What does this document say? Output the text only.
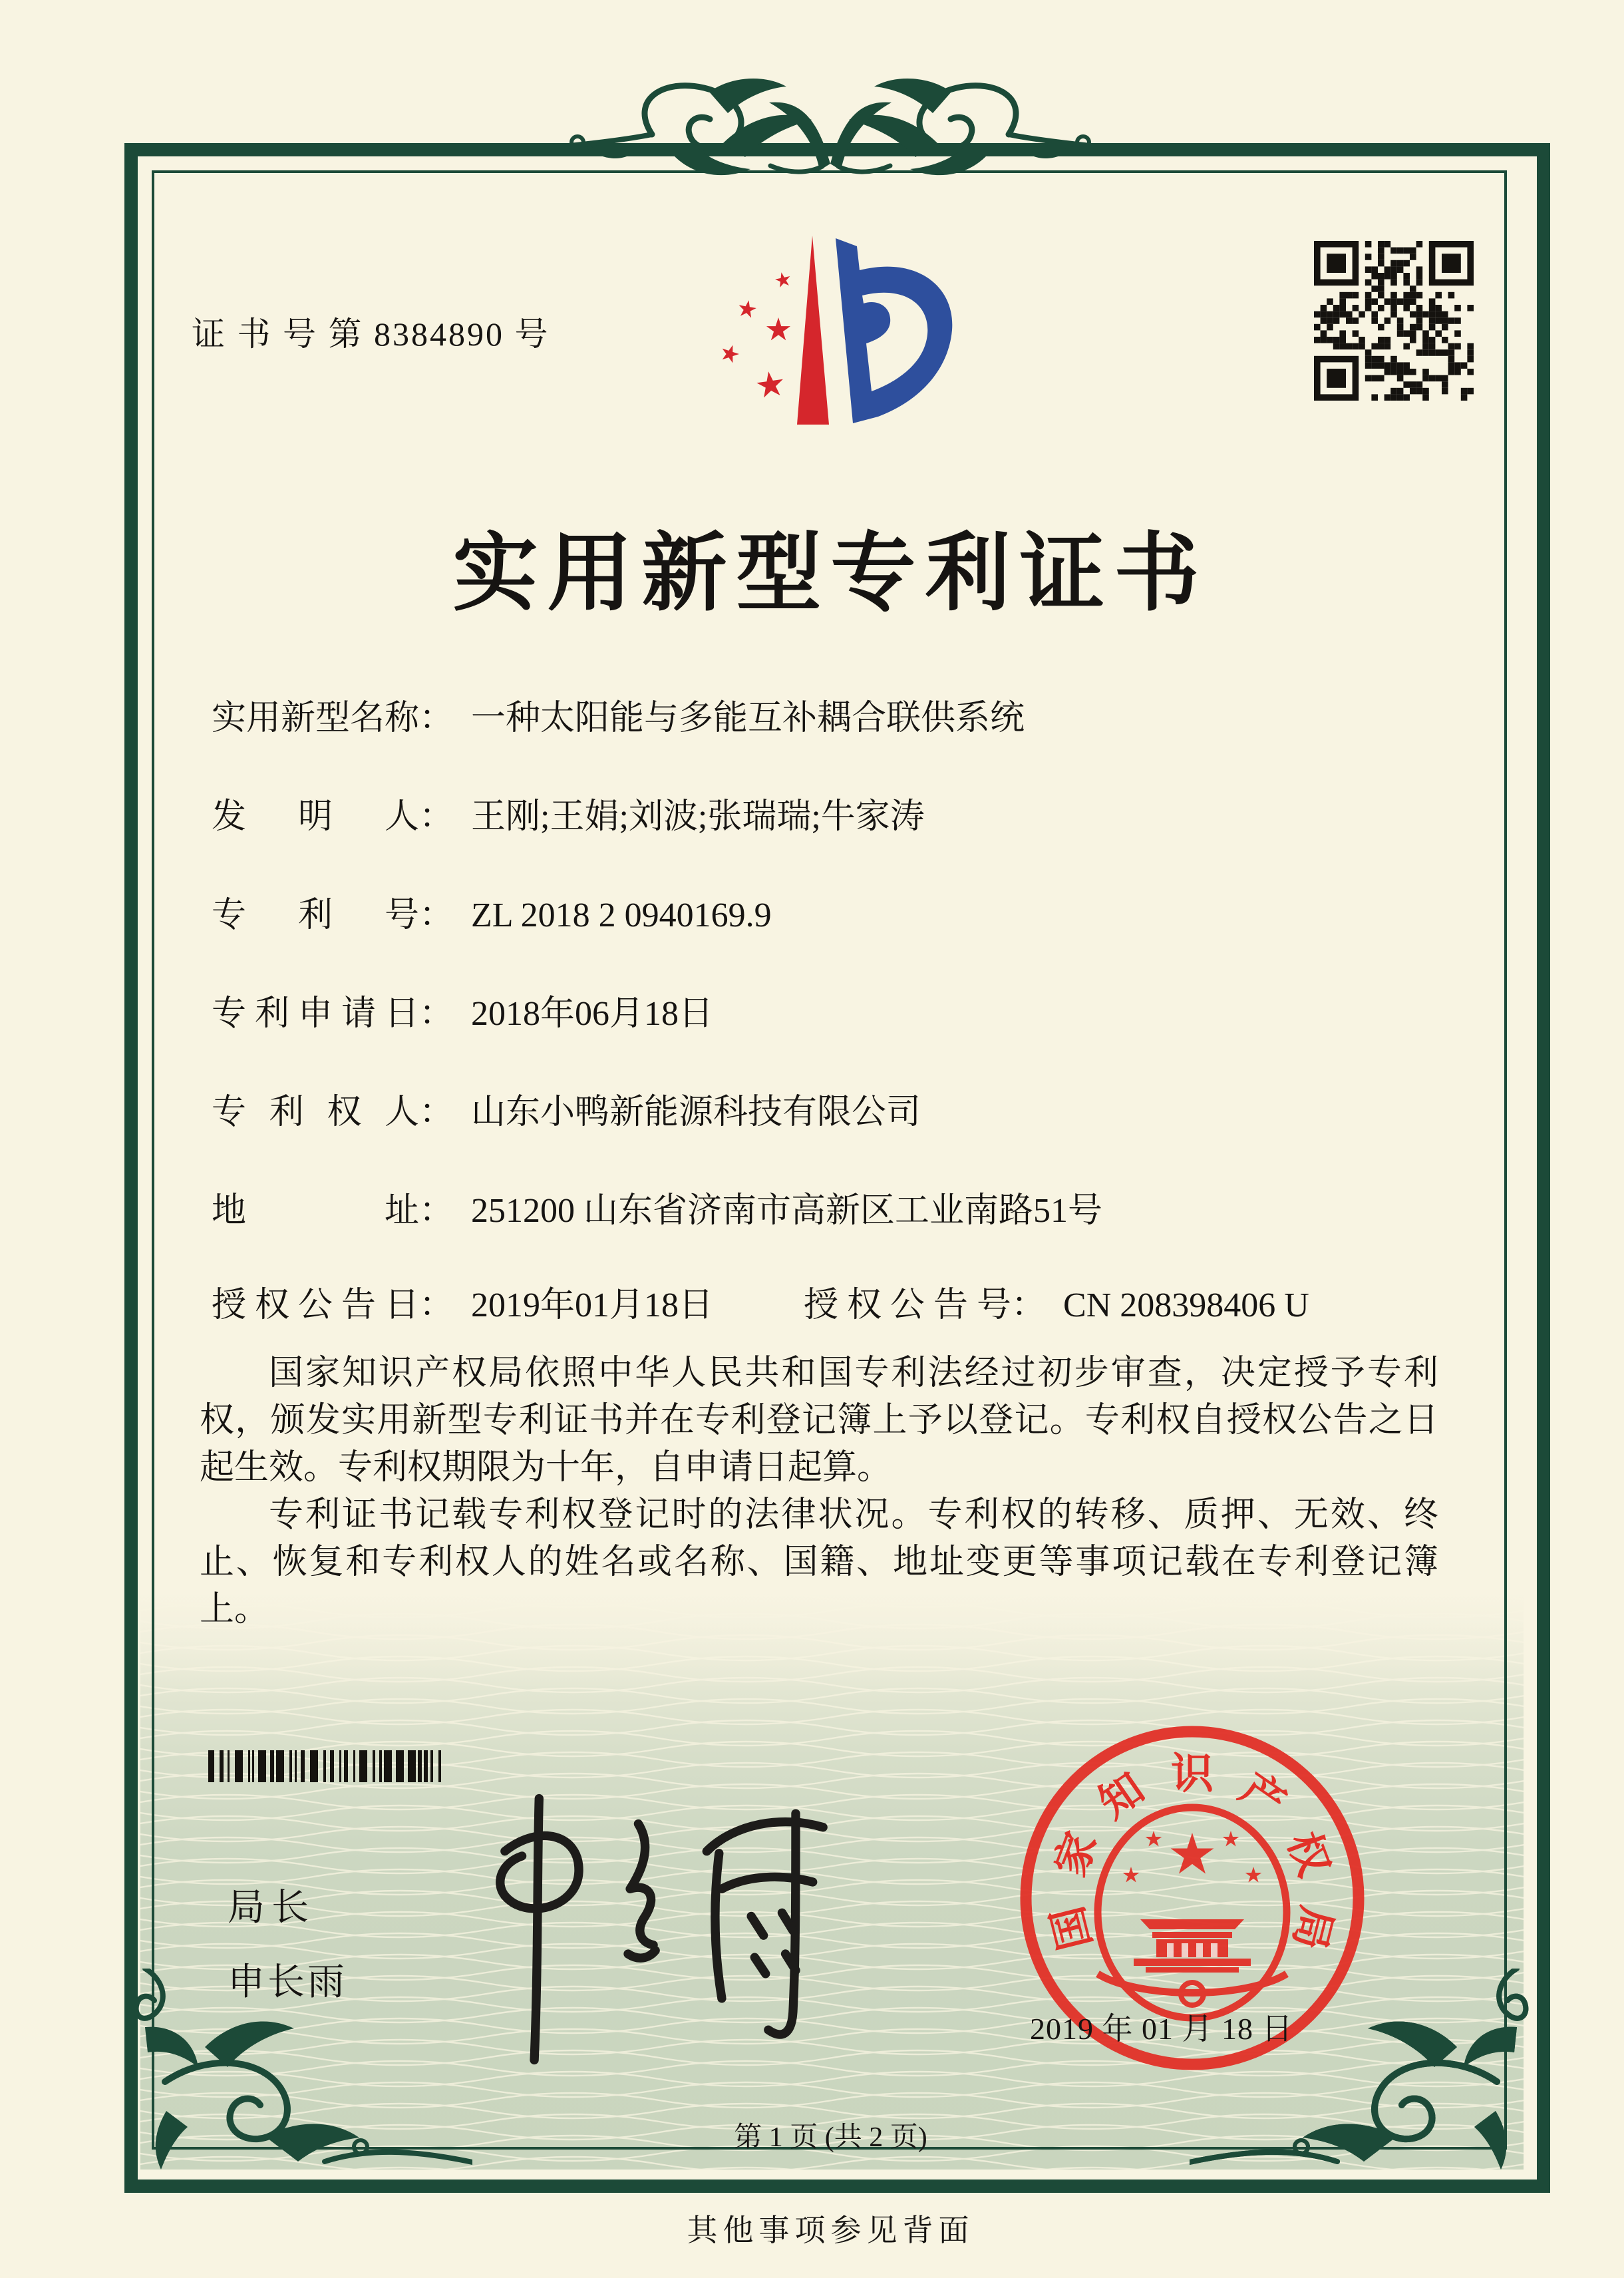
证 书 号 第 8384890 号
实用新型专利证书
实用新型名称： 一种太阳能与多能互补耦合联供系统
发明人： 王刚;王娟;刘波;张瑞瑞;牛家涛
专利号： ZL 2018 2 0940169.9
专利申请日： 2018年06月18日
专利权人： 山东小鸭新能源科技有限公司
地址： 251200 山东省济南市高新区工业南路51号
授权公告日： 2019年01月18日	授权公告号： CN 208398406 U

国家知识产权局依照中华人民共和国专利法经过初步审查，决定授予专利权，颁发实用新型专利证书并在专利登记簿上予以登记。专利权自授权公告之日起生效。专利权期限为十年，自申请日起算。

专利证书记载专利权登记时的法律状况。专利权的转移、质押、无效、终止、恢复和专利权人的姓名或名称、国籍、地址变更等事项记载在专利登记簿上。

局长
申长雨
国
家
知 识 产
权
局
2019 年 01 月 18 日
第 1 页 (共 2 页)
其他事项参见背面
